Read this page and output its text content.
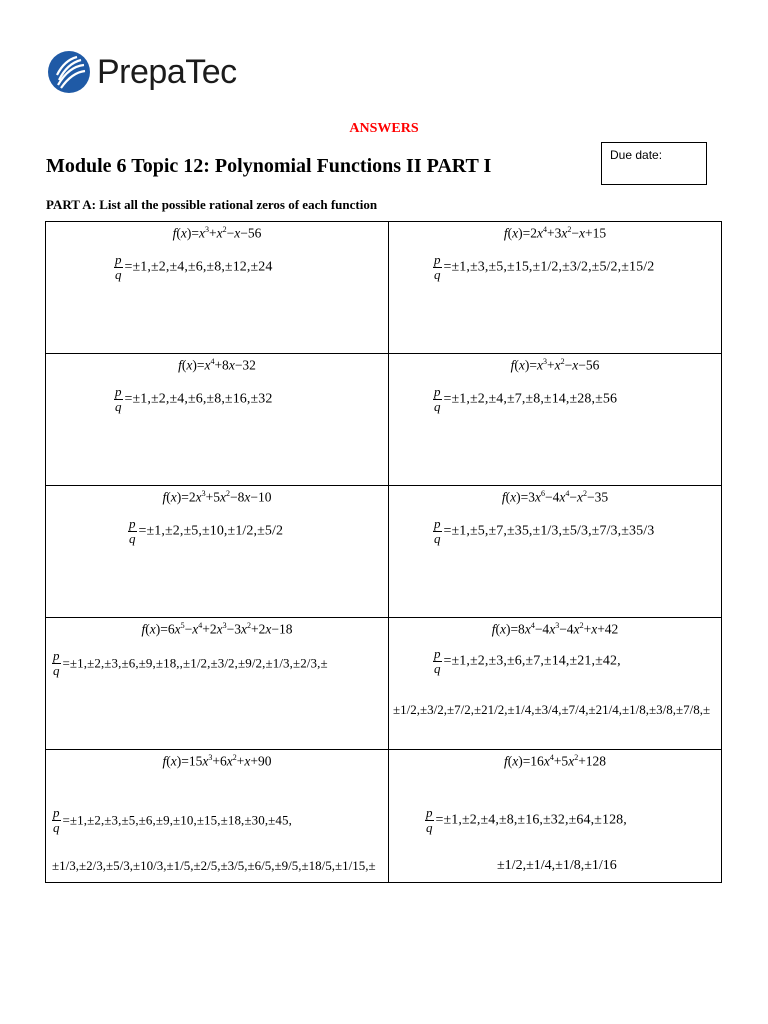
PrepaTec
ANSWERS
Module 6 Topic 12: Polynomial Functions II PART I	Due date:
PART A: List all the possible rational zeros of each function
$f(x)=x^3+x^2-x-56$
$\frac{p}{q} =\pm 1,\pm 2,\pm 4,\pm 6,\pm 8,\pm 12,\pm 24$
$f(x)=2x^4+3x^2-x+15$
$\frac{p}{q} =\pm 1,\pm 3,\pm 5,\pm 15,\pm 1/2,\pm 3/2,\pm 5/2,\pm 15/2$
$f(x)=x^4+8x-32$
$\frac{p}{q} =\pm 1,\pm 2,\pm 4,\pm 6,\pm 8,\pm 16,\pm 32$
$f(x)=x^3+x^2-x-56$
$\frac{p}{q} =\pm 1,\pm 2,\pm 4,\pm 7,\pm 8,\pm 14,\pm 28,\pm 56$
$f(x)=2x^3+5x^2-8x-10$
$\frac{p}{q} =\pm 1,\pm 2,\pm 5,\pm 10,\pm 1/2,\pm 5/2$
$f(x)=3x^6-4x^4-x^2-35$
$\frac{p}{q} =\pm 1,\pm 5,\pm 7,\pm 35,\pm 1/3,\pm 5/3,\pm 7/3,\pm 35/3$
$f(x)=6x^5-x^4+2x^3-3x^2+2x-18$
$\frac{p}{q} =\pm 1,\pm 2,\pm 3,\pm 6,\pm 9,\pm 18,,\pm 1/2,\pm 3/2,\pm 9/2,\pm 1/3,\pm 2/3,\pm$
$f(x)=8x^4-4x^3-4x^2+x+42$
$\frac{p}{q} =\pm 1,\pm 2,\pm 3,\pm 6,\pm 7,\pm 14,\pm 21,\pm 42$,
±1/2,±3/2,±7/2,±21/2,±1/4,±3/4,±7/4,±21/4,±1/8,±3/8,±7/8,±
$f(x)=15x^3+6x^2+x+90$
$\frac{p}{q} =\pm 1,\pm 2,\pm 3,\pm 5,\pm 6,\pm 9,\pm 10,\pm 15,\pm 18,\pm 30,\pm 45$,
±1/3,±2/3,±5/3,±10/3,±1/5,±2/5,±3/5,±6/5,±9/5,±18/5,±1/15,±
$f(x)=16x^4+5x^2+128$
$\frac{p}{q} =\pm 1,\pm 2,\pm 4,\pm 8,\pm 16,\pm 32,\pm 64,\pm 128$,
±1/2,±1/4,±1/8,±1/16
